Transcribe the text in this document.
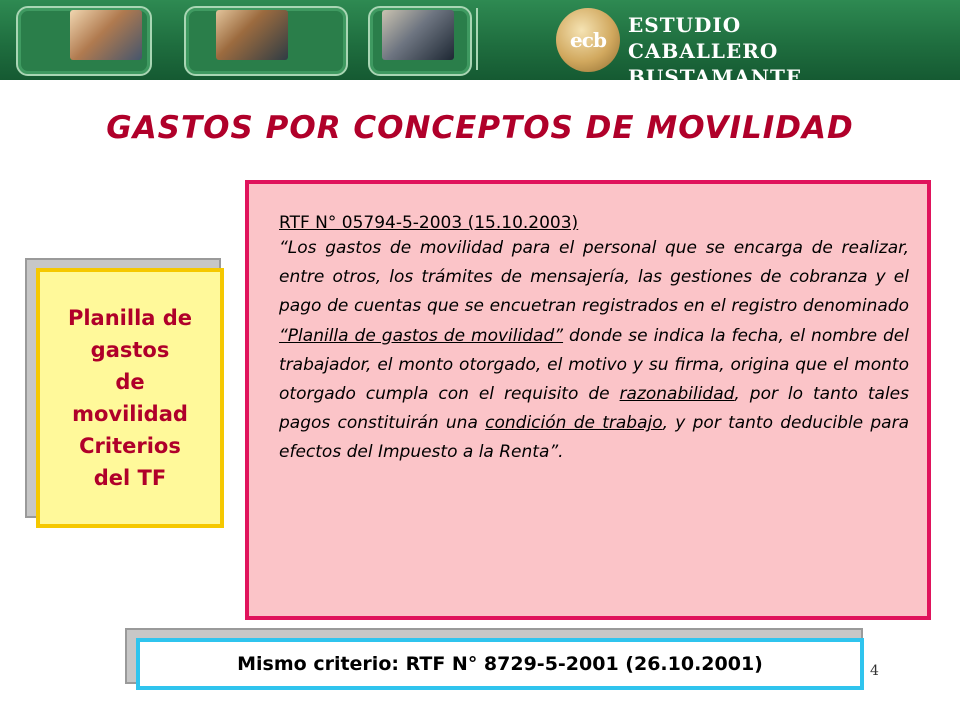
ecb
ESTUDIO
CABALLERO BUSTAMANTE
GASTOS POR CONCEPTOS DE MOVILIDAD
Planilla de
gastos
de
movilidad
Criterios
del TF

RTF N° 05794-5-2003 (15.10.2003)

“Los gastos de movilidad para el personal que se encarga de realizar, entre otros, los trámites de mensajería, las gestiones de cobranza y el pago de cuentas que se encuetran registrados en el registro denominado “Planilla de gastos de movilidad” donde se indica la fecha, el nombre del trabajador, el monto otorgado, el motivo y su firma, origina que el monto otorgado cumpla con el requisito de razonabilidad, por lo tanto tales pagos constituirán una condición de trabajo, y por tanto deducible para efectos del Impuesto a la Renta”.

Mismo criterio: RTF N° 8729-5-2001 (26.10.2001)	4
